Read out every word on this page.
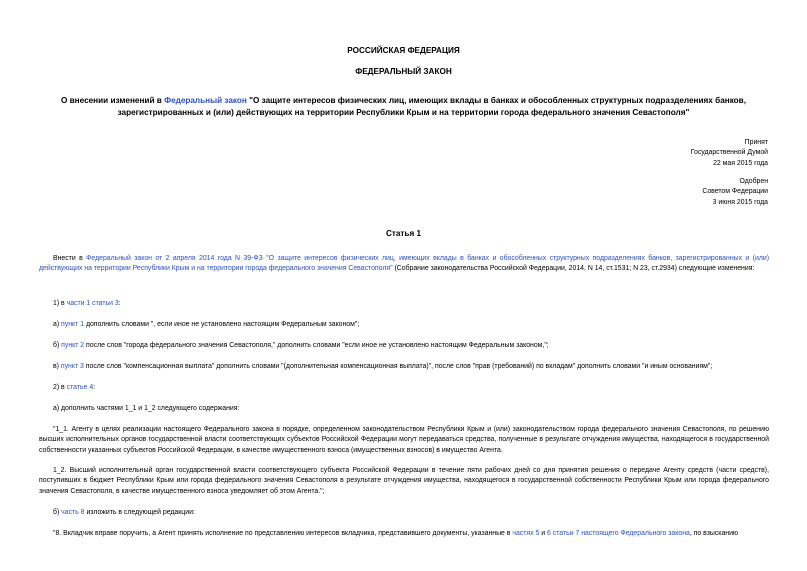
РОССИЙСКАЯ ФЕДЕРАЦИЯ
ФЕДЕРАЛЬНЫЙ ЗАКОН
О внесении изменений в Федеральный закон "О защите интересов физических лиц, имеющих вклады в банках и обособленных структурных подразделениях банков, зарегистрированных и (или) действующих на территории Республики Крым и на территории города федерального значения Севастополя"
Принят
Государственной Думой
22 мая 2015 года
Одобрен
Советом Федерации
3 июня 2015 года
Статья 1
Внести в Федеральный закон от 2 апреля 2014 года N 39-ФЗ "О защите интересов физических лиц, имеющих вклады в банках и обособленных структурных подразделениях банков, зарегистрированных и (или) действующих на территории Республики Крым и на территории города федерального значения Севастополя" (Собрание законодательства Российской Федерации, 2014, N 14, ст.1531; N 23, ст.2934) следующие изменения:
1) в части 1 статьи 3:
а) пункт 1 дополнить словами ", если иное не установлено настоящим Федеральным законом";
б) пункт 2 после слов "города федерального значения Севастополя," дополнить словами "если иное не установлено настоящим Федеральным законом,";
в) пункт 3 после слов "компенсационная выплата" дополнить словами "(дополнительная компенсационная выплата)", после слов "прав (требований) по вкладам" дополнить словами "и иным основаниям";
2) в статье 4:
а) дополнить частями 1_1 и 1_2 следующего содержания:
"1_1. Агенту в целях реализации настоящего Федерального закона в порядке, определенном законодательством Республики Крым и (или) законодательством города федерального значения Севастополя, по решению высших исполнительных органов государственной власти соответствующих субъектов Российской Федерации могут передаваться средства, полученные в результате отчуждения имущества, находящегося в государственной собственности указанных субъектов Российской Федерации, в качестве имущественного взноса (имущественных взносов) в имущество Агента.
1_2. Высший исполнительный орган государственной власти соответствующего субъекта Российской Федерации в течение пяти рабочих дней со дня принятия решения о передаче Агенту средств (части средств), поступивших в бюджет Республики Крым или города федерального значения Севастополя в результате отчуждения имущества, находящегося в государственной собственности Республики Крым или города федерального значения Севастополя, в качестве имущественного взноса уведомляет об этом Агента.";
б) часть 8 изложить в следующей редакции:
"8. Вкладчик вправе поручить, а Агент принять исполнение по представлению интересов вкладчика, представившего документы, указанные в частях 5 и 6 статьи 7 настоящего Федерального закона, по взысканию
